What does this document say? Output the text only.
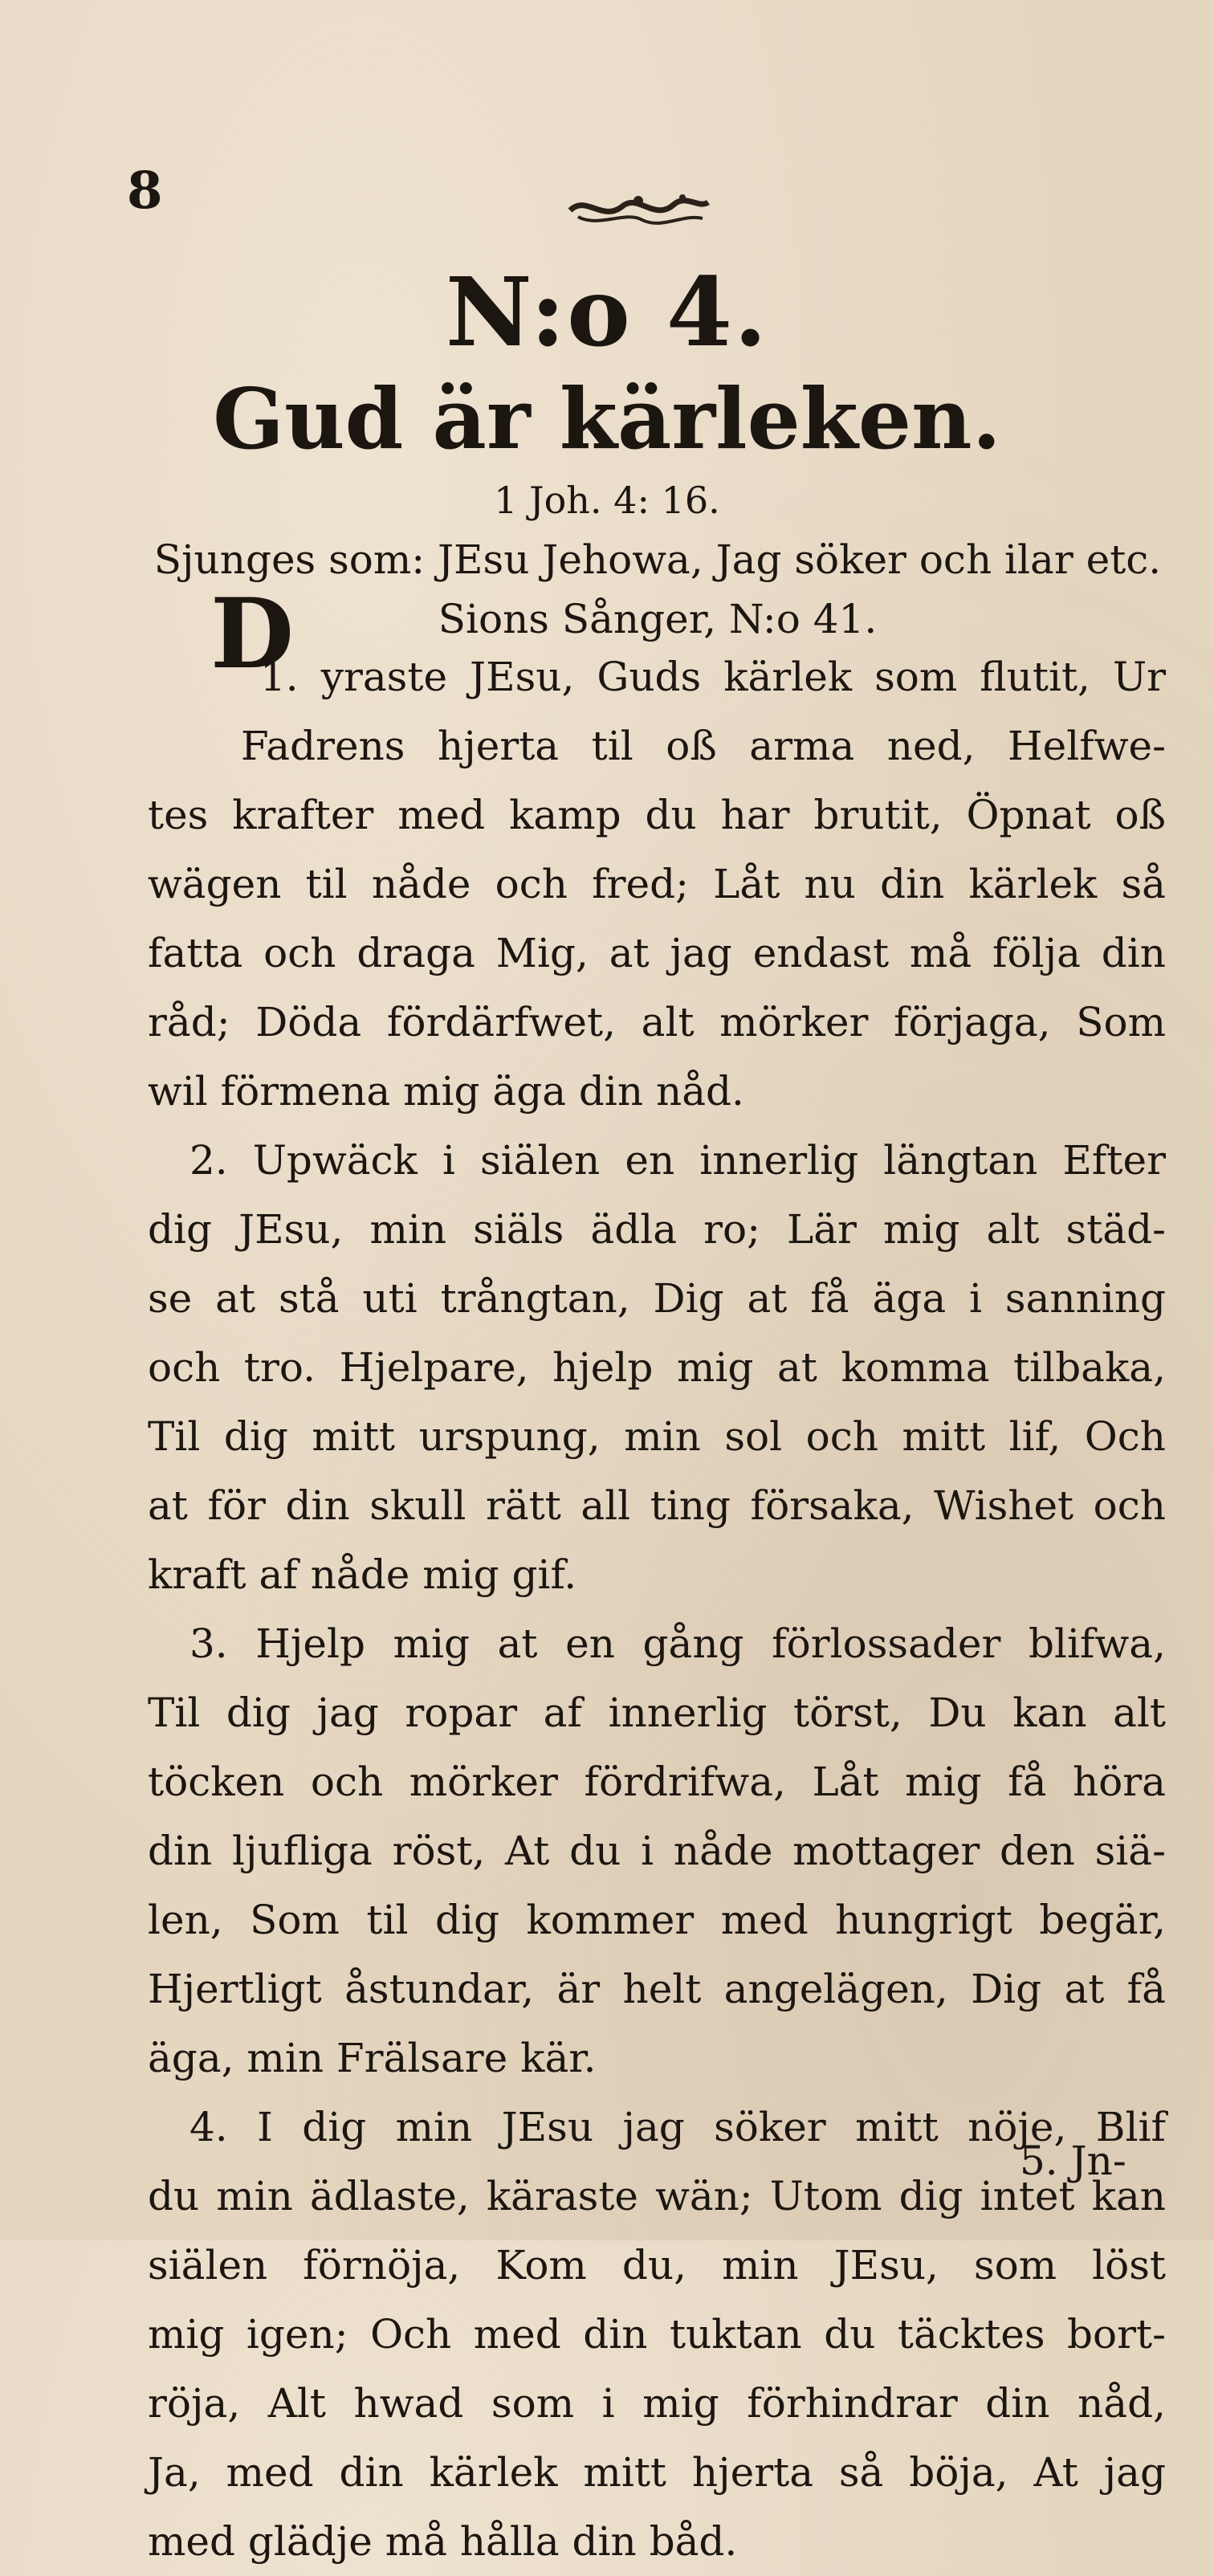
8
N:o 4.
Gud är kärleken.
1 Joh. 4: 16.
Sjunges som: JEsu Jehowa, Jag söker och ilar etc.
Sions Sånger, N:o 41.
D
1. yraste JEsu, Guds kärlek som flutit, Ur
Fadrens hjerta til oß arma ned, Helfwe-
tes krafter med kamp du har brutit, Öpnat oß
wägen til nåde och fred; Låt nu din kärlek så
fatta och draga Mig, at jag endast må följa din
råd; Döda fördärfwet, alt mörker förjaga, Som
wil förmena mig äga din nåd.
2. Upwäck i siälen en innerlig längtan Efter
dig JEsu, min siäls ädla ro; Lär mig alt städ-
se at stå uti trångtan, Dig at få äga i sanning
och tro. Hjelpare, hjelp mig at komma tilbaka,
Til dig mitt urspung, min sol och mitt lif, Och
at för din skull rätt all ting försaka, Wishet och
kraft af nåde mig gif.
3. Hjelp mig at en gång förlossader blifwa,
Til dig jag ropar af innerlig törst, Du kan alt
töcken och mörker fördrifwa, Låt mig få höra
din ljufliga röst, At du i nåde mottager den siä-
len, Som til dig kommer med hungrigt begär,
Hjertligt åstundar, är helt angelägen, Dig at få
äga, min Frälsare kär.
4. I dig min JEsu jag söker mitt nöje, Blif
du min ädlaste, käraste wän; Utom dig intet kan
siälen förnöja, Kom du, min JEsu, som löst
mig igen; Och med din tuktan du täcktes bort-
röja, Alt hwad som i mig förhindrar din nåd,
Ja, med din kärlek mitt hjerta så böja, At jag
med glädje må hålla din båd.
5. Jn-
